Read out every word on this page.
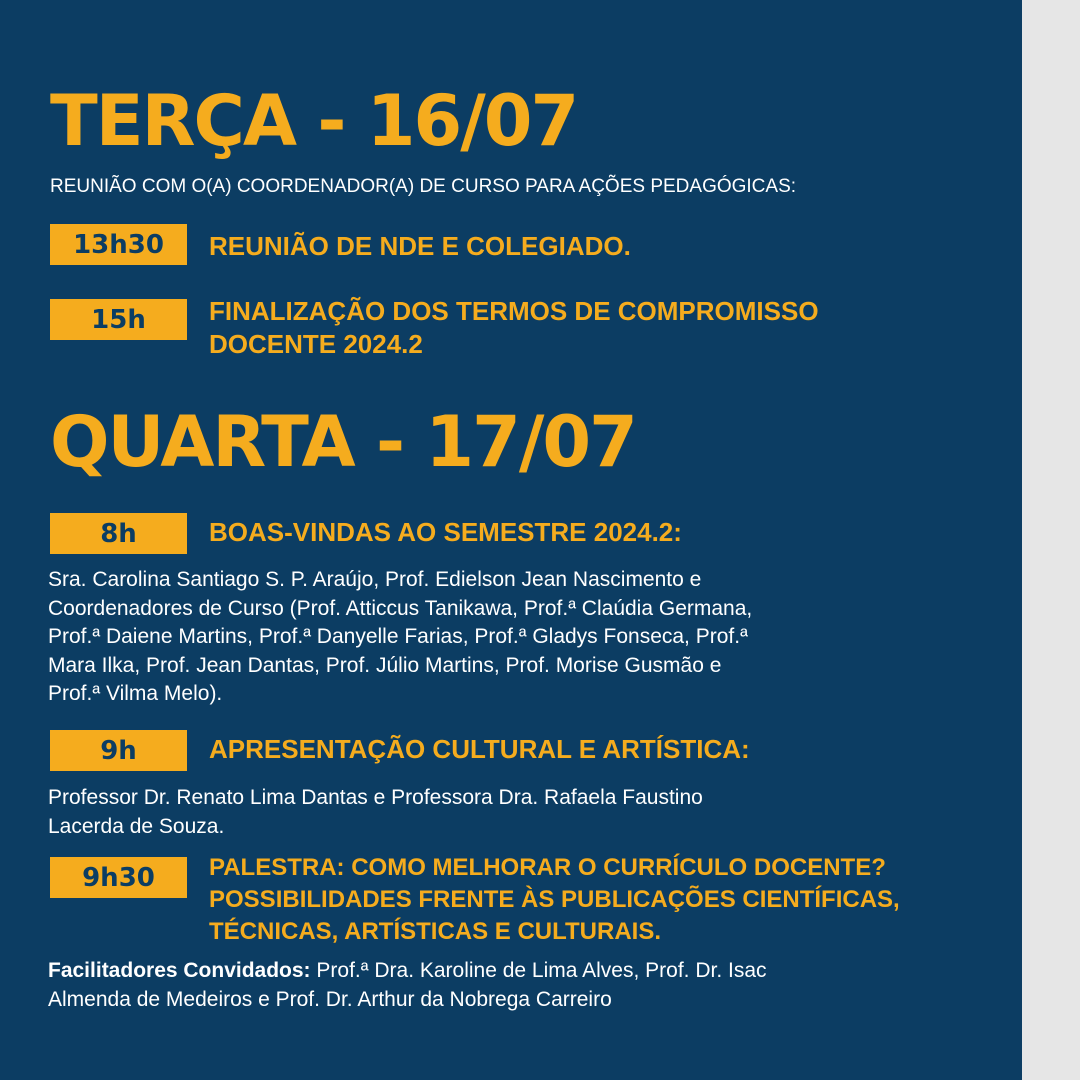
TERÇA - 16/07
REUNIÃO COM O(A) COORDENADOR(A) DE CURSO PARA AÇÕES PEDAGÓGICAS:
13h30	REUNIÃO DE NDE E COLEGIADO.

15h	FINALIZAÇÃO DOS TERMOS DE COMPROMISSO DOCENTE 2024.2

QUARTA - 17/07
8h	BOAS-VINDAS AO SEMESTRE 2024.2:

Sra. Carolina Santiago S. P. Araújo, Prof. Edielson Jean Nascimento e
Coordenadores de Curso (Prof. Atticcus Tanikawa, Prof.ª Claúdia Germana,
Prof.ª Daiene Martins, Prof.ª Danyelle Farias, Prof.ª Gladys Fonseca, Prof.ª
Mara Ilka, Prof. Jean Dantas, Prof. Júlio Martins, Prof. Morise Gusmão e
Prof.ª Vilma Melo).
9h	APRESENTAÇÃO CULTURAL E ARTÍSTICA:

Professor Dr. Renato Lima Dantas e Professora Dra. Rafaela Faustino
Lacerda de Souza.
9h30	PALESTRA: COMO MELHORAR O CURRÍCULO DOCENTE?
POSSIBILIDADES FRENTE ÀS PUBLICAÇÕES CIENTÍFICAS,
TÉCNICAS, ARTÍSTICAS E CULTURAIS.
Facilitadores Convidados: Prof.ª Dra. Karoline de Lima Alves, Prof. Dr. Isac
Almenda de Medeiros e Prof. Dr. Arthur da Nobrega Carreiro
